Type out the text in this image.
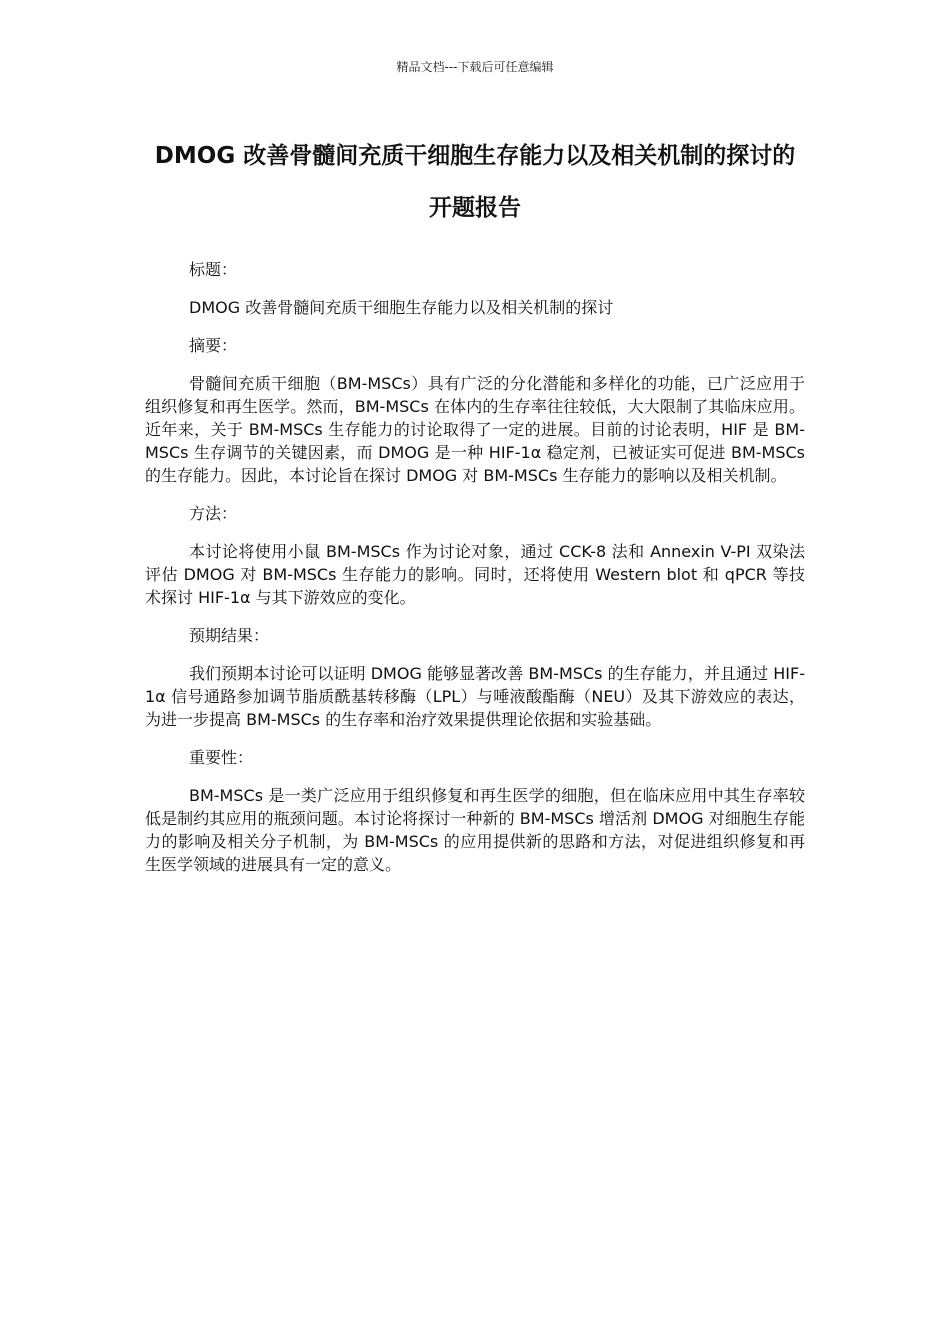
精品文档---下载后可任意编辑
DMOG 改善骨髓间充质干细胞生存能力以及相关机制的探讨的开题报告

标题：

DMOG 改善骨髓间充质干细胞生存能力以及相关机制的探讨

摘要：

骨髓间充质干细胞（BM-MSCs）具有广泛的分化潜能和多样化的功能，已广泛应用于组织修复和再生医学。然而，BM-MSCs 在体内的生存率往往较低，大大限制了其临床应用。近年来，关于 BM-MSCs 生存能力的讨论取得了一定的进展。目前的讨论表明，HIF 是 BM-MSCs 生存调节的关键因素，而 DMOG 是一种 HIF-1α 稳定剂，已被证实可促进 BM-MSCs 的生存能力。因此，本讨论旨在探讨 DMOG 对 BM-MSCs 生存能力的影响以及相关机制。

方法：

本讨论将使用小鼠 BM-MSCs 作为讨论对象，通过 CCK-8 法和 Annexin V-PI 双染法评估 DMOG 对 BM-MSCs 生存能力的影响。同时，还将使用 Western blot 和 qPCR 等技术探讨 HIF-1α 与其下游效应的变化。

预期结果：

我们预期本讨论可以证明 DMOG 能够显著改善 BM-MSCs 的生存能力，并且通过 HIF-1α 信号通路参加调节脂质酰基转移酶（LPL）与唾液酸酯酶（NEU）及其下游效应的表达，为进一步提高 BM-MSCs 的生存率和治疗效果提供理论依据和实验基础。

重要性：

BM-MSCs 是一类广泛应用于组织修复和再生医学的细胞，但在临床应用中其生存率较低是制约其应用的瓶颈问题。本讨论将探讨一种新的 BM-MSCs 增活剂 DMOG 对细胞生存能力的影响及相关分子机制，为 BM-MSCs 的应用提供新的思路和方法，对促进组织修复和再生医学领域的进展具有一定的意义。
